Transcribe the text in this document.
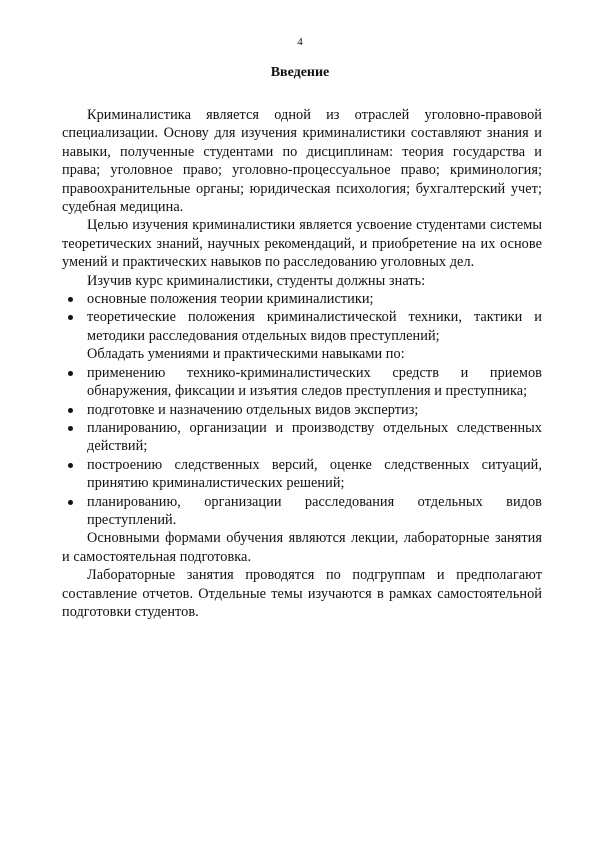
4
Введение

Криминалистика является одной из отраслей уголовно-правовой специализации. Основу для изучения криминалистики составляют знания и навыки, полученные студентами по дисциплинам: теория государства и права; уголовное право; уголовно-процессуальное право; криминология; правоохранительные органы; юридическая психология; бухгалтерский учет; судебная медицина.

Целью изучения криминалистики является усвоение студентами системы теоретических знаний, научных рекомендаций, и приобретение на их основе умений и практических навыков по расследованию уголовных дел.

Изучив курс криминалистики, студенты должны знать:

основные положения теории криминалистики;
теоретические положения криминалистической техники, тактики и методики расследования отдельных видов преступлений;

Обладать умениями и практическими навыками по:

применению технико-криминалистических средств и приемов обнаружения, фиксации и изъятия следов преступления и преступника;
подготовке и назначению отдельных видов экспертиз;
планированию, организации и производству отдельных следственных действий;
построению следственных версий, оценке следственных ситуаций, принятию криминалистических решений;
планированию, организации расследования отдельных видов преступлений.

Основными формами обучения являются лекции, лабораторные занятия и самостоятельная подготовка.

Лабораторные занятия проводятся по подгруппам и предполагают составление отчетов. Отдельные темы изучаются в рамках самостоятельной подготовки студентов.
